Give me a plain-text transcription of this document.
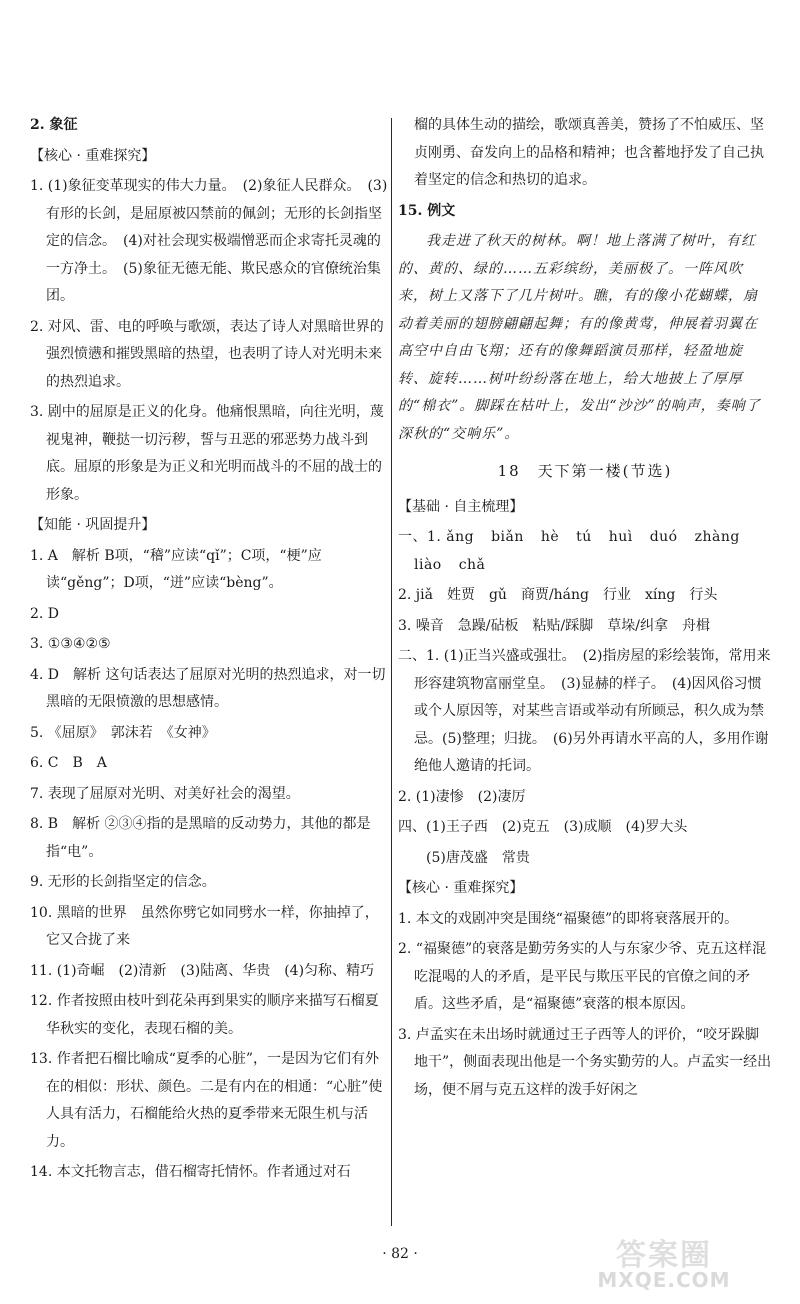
2. 象征
【核心 · 重难探究】
1. (1)象征变革现实的伟大力量。　(2)象征人民群众。　(3)有形的长剑，是屈原被囚禁前的佩剑；无形的长剑指坚定的信念。　(4)对社会现实极端憎恶而企求寄托灵魂的一方净土。　(5)象征无德无能、欺民惑众的官僚统治集团。
2. 对风、雷、电的呼唤与歌颂，表达了诗人对黑暗世界的强烈愤懑和摧毁黑暗的热望，也表明了诗人对光明未来的热烈追求。
3. 剧中的屈原是正义的化身。他痛恨黑暗，向往光明，蔑视鬼神，鞭挞一切污秽，誓与丑恶的邪恶势力战斗到底。屈原的形象是为正义和光明而战斗的不屈的战士的形象。
【知能 · 巩固提升】
1. A　解析 B项，“稽”应读“qǐ”；C项，“梗”应读“gěng”；D项，“迸”应读“bèng”。
2. D
3. ①③④②⑤
4. D　解析 这句话表达了屈原对光明的热烈追求，对一切黑暗的无限愤激的思想感情。
5. 《屈原》　郭沫若　《女神》
6. C　B　A
7. 表现了屈原对光明、对美好社会的渴望。
8. B　解析 ②③④指的是黑暗的反动势力，其他的都是指“电”。
9. 无形的长剑指坚定的信念。
10. 黑暗的世界　虽然你劈它如同劈水一样，你抽掉了，它又合拢了来
11. (1)奇崛　(2)清新　(3)陆离、华贵　(4)匀称、精巧
12. 作者按照由枝叶到花朵再到果实的顺序来描写石榴夏华秋实的变化，表现石榴的美。
13. 作者把石榴比喻成“夏季的心脏”，一是因为它们有外在的相似：形状、颜色。二是有内在的相通：“心脏”使人具有活力，石榴能给火热的夏季带来无限生机与活力。
14. 本文托物言志，借石榴寄托情怀。作者通过对石
榴的具体生动的描绘，歌颂真善美，赞扬了不怕威压、坚贞刚勇、奋发向上的品格和精神；也含蓄地抒发了自己执着坚定的信念和热切的追求。
15. 例文
我走进了秋天的树林。啊！地上落满了树叶，有红的、黄的、绿的……五彩缤纷，美丽极了。一阵风吹来，树上又落下了几片树叶。瞧，有的像小花蝴蝶，扇动着美丽的翅膀翩翩起舞；有的像黄莺，伸展着羽翼在高空中自由飞翔；还有的像舞蹈演员那样，轻盈地旋转、旋转……树叶纷纷落在地上，给大地披上了厚厚的“棉衣”。脚踩在枯叶上，发出“沙沙”的响声，奏响了深秋的“交响乐”。
18　天下第一楼(节选)
【基础 · 自主梳理】
一、1. ǎng biǎn hè tú huì duó zhàng liào chǎ
2. jiǎ　姓贾　gǔ　商贾/háng　行业　xíng　行头
3. 噪音　急躁/砧板　粘贴/踩脚　草垛/纠拿　舟楫
二、1. (1)正当兴盛或强壮。　(2)指房屋的彩绘装饰，常用来形容建筑物富丽堂皇。　(3)显赫的样子。　(4)因风俗习惯或个人原因等，对某些言语或举动有所顾忌，积久成为禁忌。(5)整理；归拢。　(6)另外再请水平高的人，多用作谢绝他人邀请的托词。
2. (1)凄惨　(2)凄厉
四、(1)王子西　(2)克五　(3)成顺　(4)罗大头
(5)唐茂盛　常贵
【核心 · 重难探究】
1. 本文的戏剧冲突是围绕“福聚德”的即将衰落展开的。
2. “福聚德”的衰落是勤劳务实的人与东家少爷、克五这样混吃混喝的人的矛盾，是平民与欺压平民的官僚之间的矛盾。这些矛盾，是“福聚德”衰落的根本原因。
3. 卢孟实在未出场时就通过王子西等人的评价，“咬牙跺脚地干”，侧面表现出他是一个务实勤劳的人。卢孟实一经出场，便不屑与克五这样的泼手好闲之
· 82 ·	答案圈
MXQE.COM
